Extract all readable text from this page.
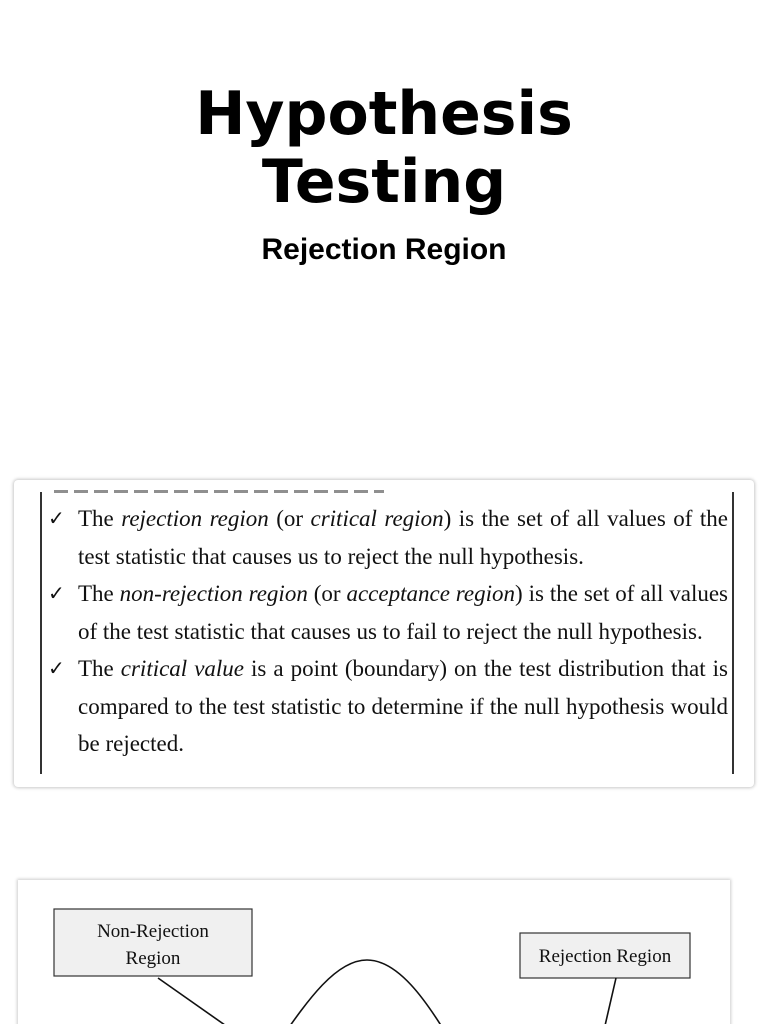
Hypothesis
Testing
Rejection Region
✓ The rejection region (or critical region) is the set of all values of the test statistic that causes us to reject the null hypothesis.
✓ The non-rejection region (or acceptance region) is the set of all values of the test statistic that causes us to fail to reject the null hypothesis.
✓ The critical value is a point (boundary) on the test distribution that is compared to the test statistic to determine if the null hypothesis would be rejected.
Non-Rejection
Region	Rejection Region
